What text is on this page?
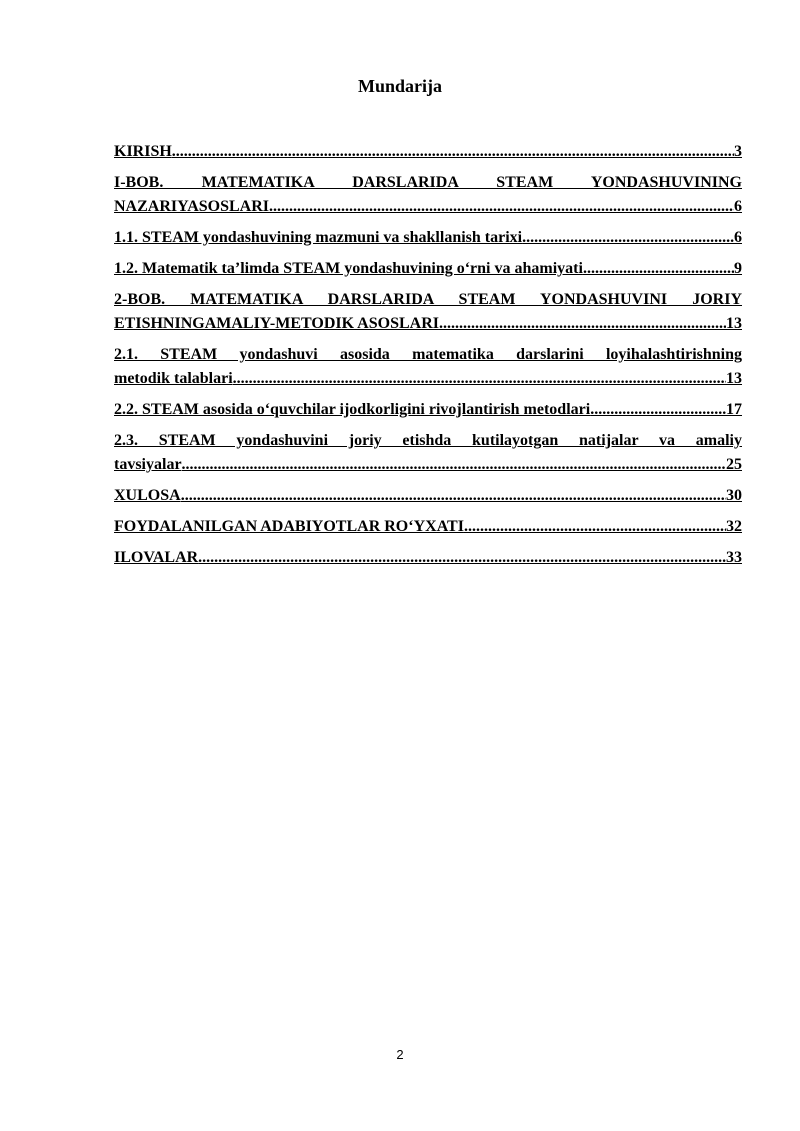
Mundarija
KIRISH .....	3
I-BOB. MATEMATIKA DARSLARIDA STEAM YONDASHUVINING
NAZARIYASOSLARI .....	6
1.1. STEAM yondashuvining mazmuni va shakllanish tarixi .....	6
1.2. Matematik ta’limda STEAM yondashuvining o‘rni va ahamiyati .....	9
2-BOB. MATEMATIKA DARSLARIDA STEAM YONDASHUVINI JORIY
ETISHNINGAMALIY-METODIK ASOSLARI .....	13
2.1. STEAM yondashuvi asosida matematika darslarini loyihalashtirishning
metodik talablari .....	13
2.2. STEAM asosida o‘quvchilar ijodkorligini rivojlantirish metodlari .....	17
2.3. STEAM yondashuvini joriy etishda kutilayotgan natijalar va amaliy
tavsiyalar .....	25
XULOSA .....	30
FOYDALANILGAN ADABIYOTLAR RO‘YXATI .....	32
ILOVALAR .....	33
2
